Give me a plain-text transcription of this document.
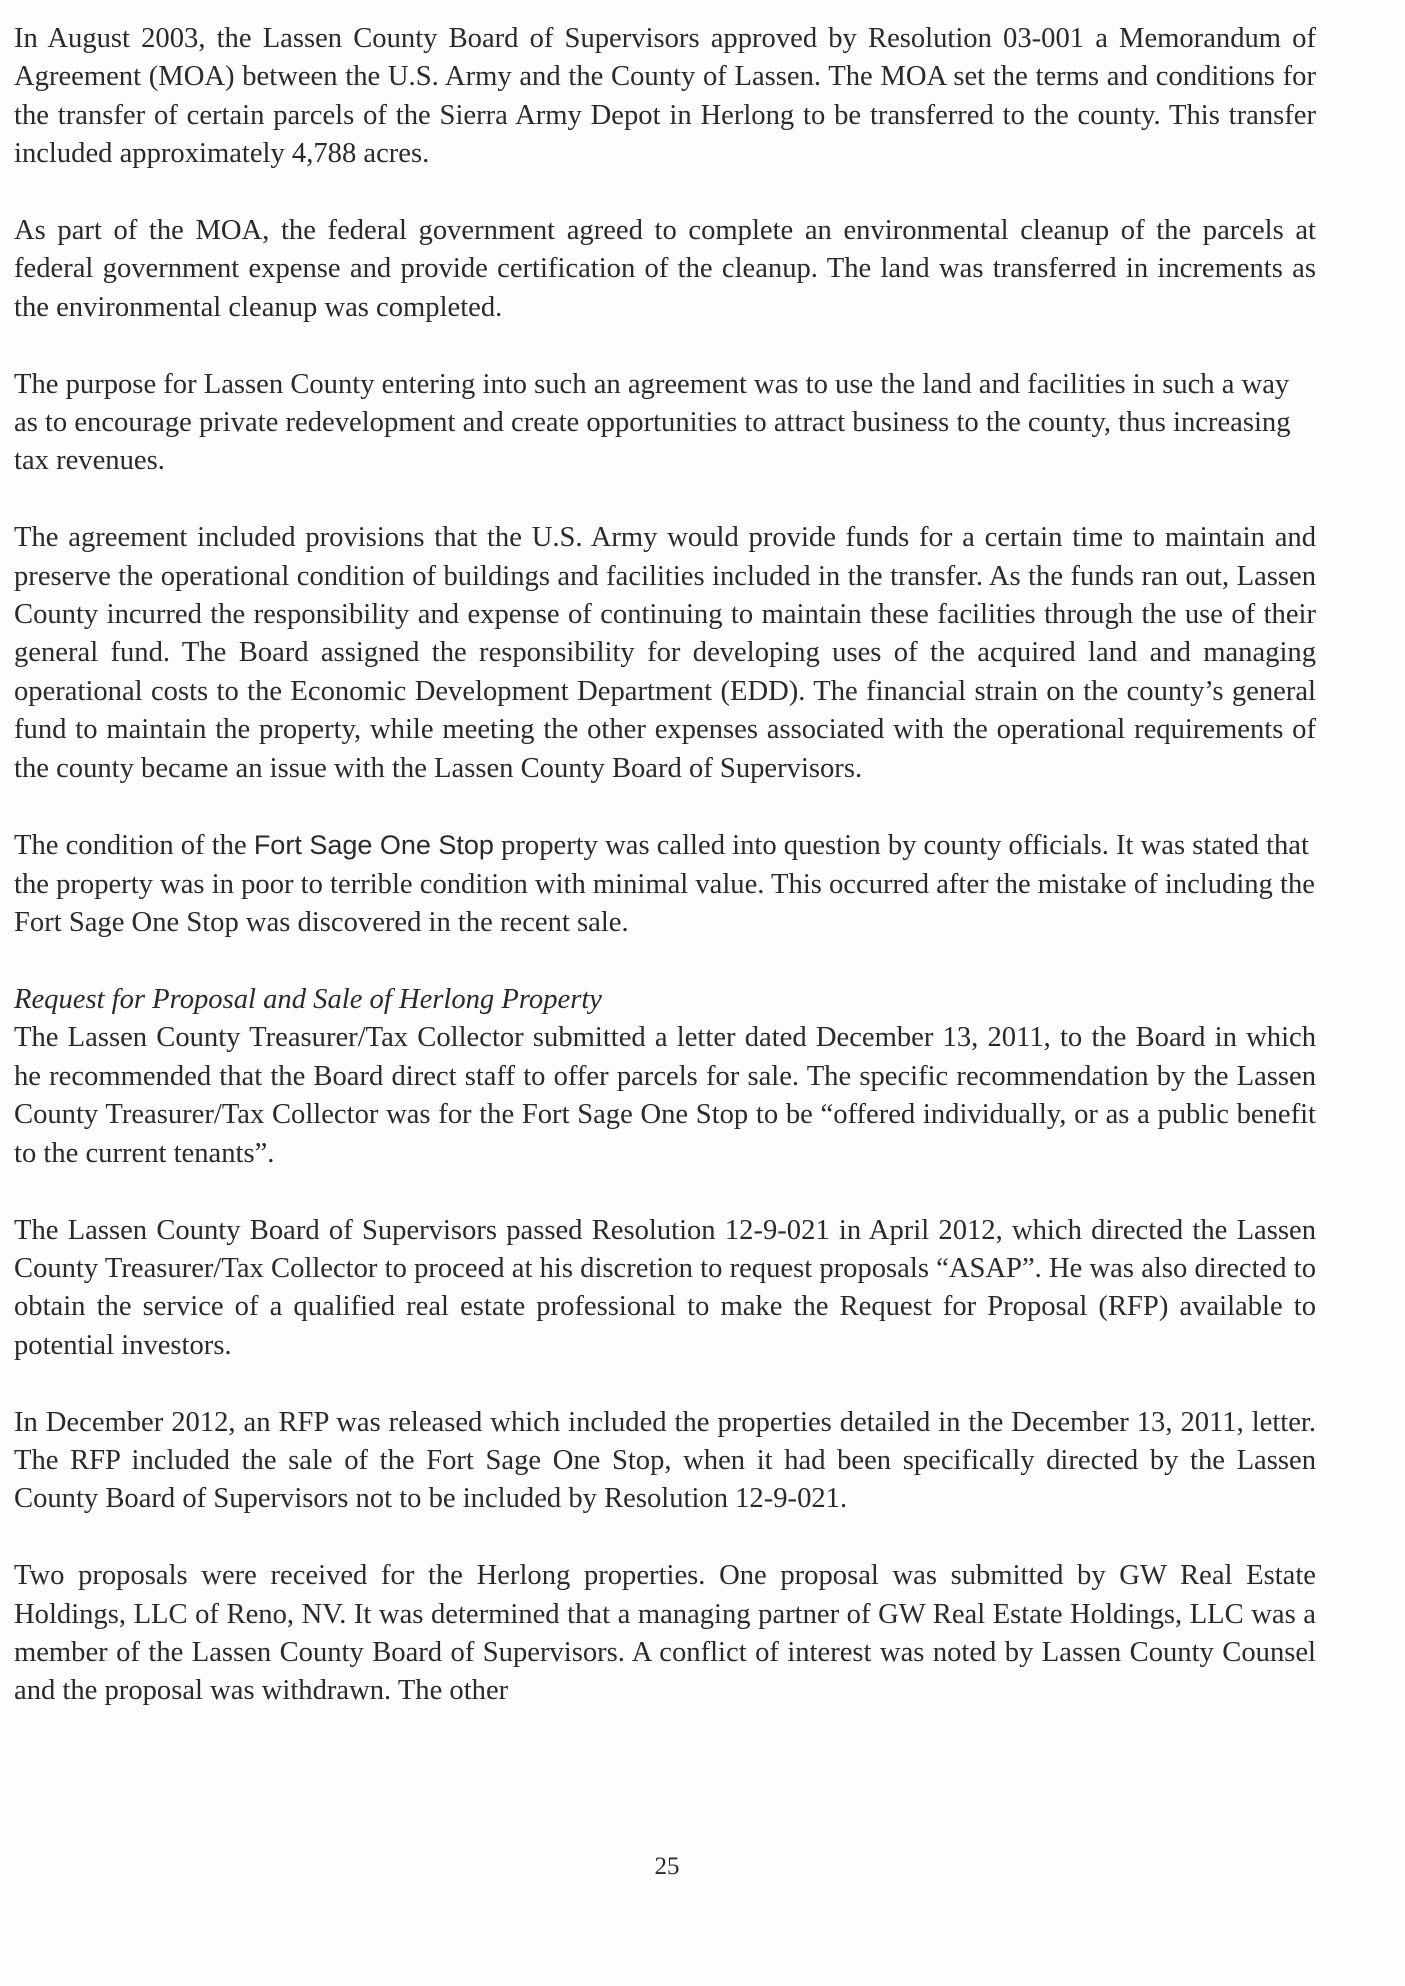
In August 2003, the Lassen County Board of Supervisors approved by Resolution 03-001 a Memorandum of Agreement (MOA) between the U.S. Army and the County of Lassen. The MOA set the terms and conditions for the transfer of certain parcels of the Sierra Army Depot in Herlong to be transferred to the county. This transfer included approximately 4,788 acres.

As part of the MOA, the federal government agreed to complete an environmental cleanup of the parcels at federal government expense and provide certification of the cleanup. The land was transferred in increments as the environmental cleanup was completed.

The purpose for Lassen County entering into such an agreement was to use the land and facilities in such a way as to encourage private redevelopment and create opportunities to attract business to the county, thus increasing tax revenues.

The agreement included provisions that the U.S. Army would provide funds for a certain time to maintain and preserve the operational condition of buildings and facilities included in the transfer. As the funds ran out, Lassen County incurred the responsibility and expense of continuing to maintain these facilities through the use of their general fund. The Board assigned the responsibility for developing uses of the acquired land and managing operational costs to the Economic Development Department (EDD). The financial strain on the county’s general fund to maintain the property, while meeting the other expenses associated with the operational requirements of the county became an issue with the Lassen County Board of Supervisors.

The condition of the Fort Sage One Stop property was called into question by county officials. It was stated that the property was in poor to terrible condition with minimal value. This occurred after the mistake of including the Fort Sage One Stop was discovered in the recent sale.

Request for Proposal and Sale of Herlong Property

The Lassen County Treasurer/Tax Collector submitted a letter dated December 13, 2011, to the Board in which he recommended that the Board direct staff to offer parcels for sale. The specific recommendation by the Lassen County Treasurer/Tax Collector was for the Fort Sage One Stop to be “offered individually, or as a public benefit to the current tenants”.

The Lassen County Board of Supervisors passed Resolution 12-9-021 in April 2012, which directed the Lassen County Treasurer/Tax Collector to proceed at his discretion to request proposals “ASAP”. He was also directed to obtain the service of a qualified real estate professional to make the Request for Proposal (RFP) available to potential investors.

In December 2012, an RFP was released which included the properties detailed in the December 13, 2011, letter. The RFP included the sale of the Fort Sage One Stop, when it had been specifically directed by the Lassen County Board of Supervisors not to be included by Resolution 12-9-021.

Two proposals were received for the Herlong properties. One proposal was submitted by GW Real Estate Holdings, LLC of Reno, NV. It was determined that a managing partner of GW Real Estate Holdings, LLC was a member of the Lassen County Board of Supervisors. A conflict of interest was noted by Lassen County Counsel and the proposal was withdrawn. The other

25
